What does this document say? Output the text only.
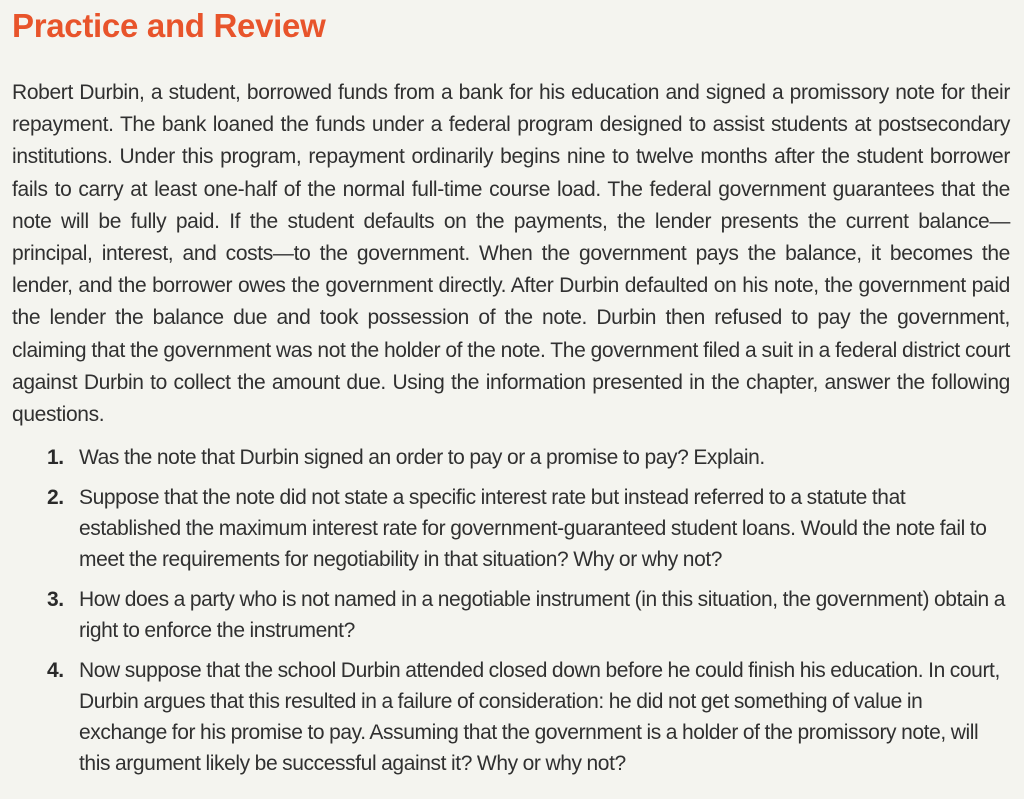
Practice and Review

Robert Durbin, a student, borrowed funds from a bank for his education and signed a promissory note for their repayment. The bank loaned the funds under a federal program designed to assist students at postsecondary institutions. Under this program, repayment ordinarily begins nine to twelve months after the student borrower fails to carry at least one-half of the normal full-time course load. The federal government guarantees that the note will be fully paid. If the student defaults on the payments, the lender presents the current balance—principal, interest, and costs—to the government. When the government pays the balance, it becomes the lender, and the borrower owes the government directly. After Durbin defaulted on his note, the government paid the lender the balance due and took possession of the note. Durbin then refused to pay the government, claiming that the government was not the holder of the note. The government filed a suit in a federal district court against Durbin to collect the amount due. Using the information presented in the chapter, answer the following questions.

1. Was the note that Durbin signed an order to pay or a promise to pay? Explain.
2. Suppose that the note did not state a specific interest rate but instead referred to a statute that established the maximum interest rate for government-guaranteed student loans. Would the note fail to meet the requirements for negotiability in that situation? Why or why not?
3. How does a party who is not named in a negotiable instrument (in this situation, the government) obtain a right to enforce the instrument?
4. Now suppose that the school Durbin attended closed down before he could finish his education. In court, Durbin argues that this resulted in a failure of consideration: he did not get something of value in exchange for his promise to pay. Assuming that the government is a holder of the promissory note, will this argument likely be successful against it? Why or why not?
